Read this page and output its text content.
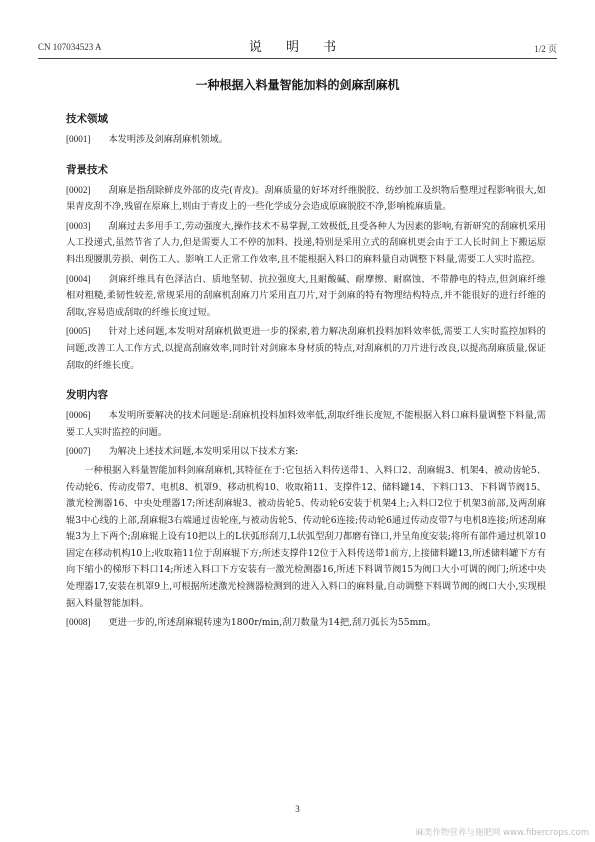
CN 107034523 A	说 明 书	1/2 页
一种根据入料量智能加料的剑麻刮麻机
技术领域

[0001] 本发明涉及剑麻刮麻机领域。

背景技术

[0002] 刮麻是指刮除鲜皮外部的皮壳(青皮)。刮麻质量的好坏对纤维脱胶、纺纱加工及织物后整理过程影响很大,如果青皮刮不净,残留在原麻上,则由于青皮上的一些化学成分会造成原麻脱胶不净,影响梳麻质量。

[0003] 刮麻过去多用手工,劳动强度大,操作技术不易掌握,工效极低,且受各种人为因素的影响,有新研究的刮麻机采用人工投递式,虽然节省了人力,但是需要人工不停的加料、投递,特别是采用立式的刮麻机更会由于工人长时间上下搬运原料出现腰肌劳损、刺伤工人、影响工人正常工作效率,且不能根据入料口的麻料量自动调整下料量,需要工人实时监控。

[0004] 剑麻纤维具有色泽洁白、质地坚韧、抗拉强度大,且耐酸碱、耐摩擦、耐腐蚀、不带静电的特点,但剑麻纤维相对粗糙,柔韧性较差,常规采用的刮麻机刮麻刀片采用直刀片,对于剑麻的特有物理结构特点,并不能很好的进行纤维的刮取,容易造成刮取的纤维长度过短。

[0005] 针对上述问题,本发明对刮麻机做更进一步的探索,着力解决刮麻机投料加料效率低,需要工人实时监控加料的问题,改善工人工作方式,以提高刮麻效率,同时针对剑麻本身材质的特点,对刮麻机的刀片进行改良,以提高刮麻质量,保证刮取的纤维长度。

发明内容

[0006] 本发明所要解决的技术问题是:刮麻机投料加料效率低,刮取纤维长度短,不能根据入料口麻料量调整下料量,需要工人实时监控的问题。

[0007] 为解决上述技术问题,本发明采用以下技术方案:

一种根据入料量智能加料剑麻刮麻机,其特征在于:它包括入料传送带1、入料口2、刮麻辊3、机架4、被动齿轮5、传动轮6、传动皮带7、电机8、机罩9、移动机构10、收取箱11、支撑件12、储料罐14、下料口13、下料调节阀15、激光检测器16、中央处理器17;所述刮麻辊3、被动齿轮5、传动轮6安装于机架4上;入料口2位于机架3前部,及两刮麻辊3中心线的上部,刮麻辊3右端通过齿轮座,与被动齿轮5、传动轮6连接;传动轮6通过传动皮带7与电机8连接;所述刮麻辊3为上下两个;刮麻辊上设有10把以上的L状弧形刮刀,L状弧型刮刀都磨有锋口,并呈角度安装;将所有部件通过机罩10固定在移动机构10上;收取箱11位于刮麻辊下方;所述支撑件12位于入料传送带1前方,上接储料罐13,所述储料罐下方有向下缩小的梯形下料口14;所述入料口下方安装有一激光检测器16,所述下料调节阀15为阀口大小可调的阀门;所述中央处理器17,安装在机罩9上,可根据所述激光检测器检测到的进入入料口的麻料量,自动调整下料调节阀的阀口大小,实现根据入料量智能加料。

[0008] 更进一步的,所述刮麻辊转速为1800r/min,刮刀数量为14把,刮刀弧长为55mm。

3
麻类作物营养与施肥网 www.fibercrops.com
